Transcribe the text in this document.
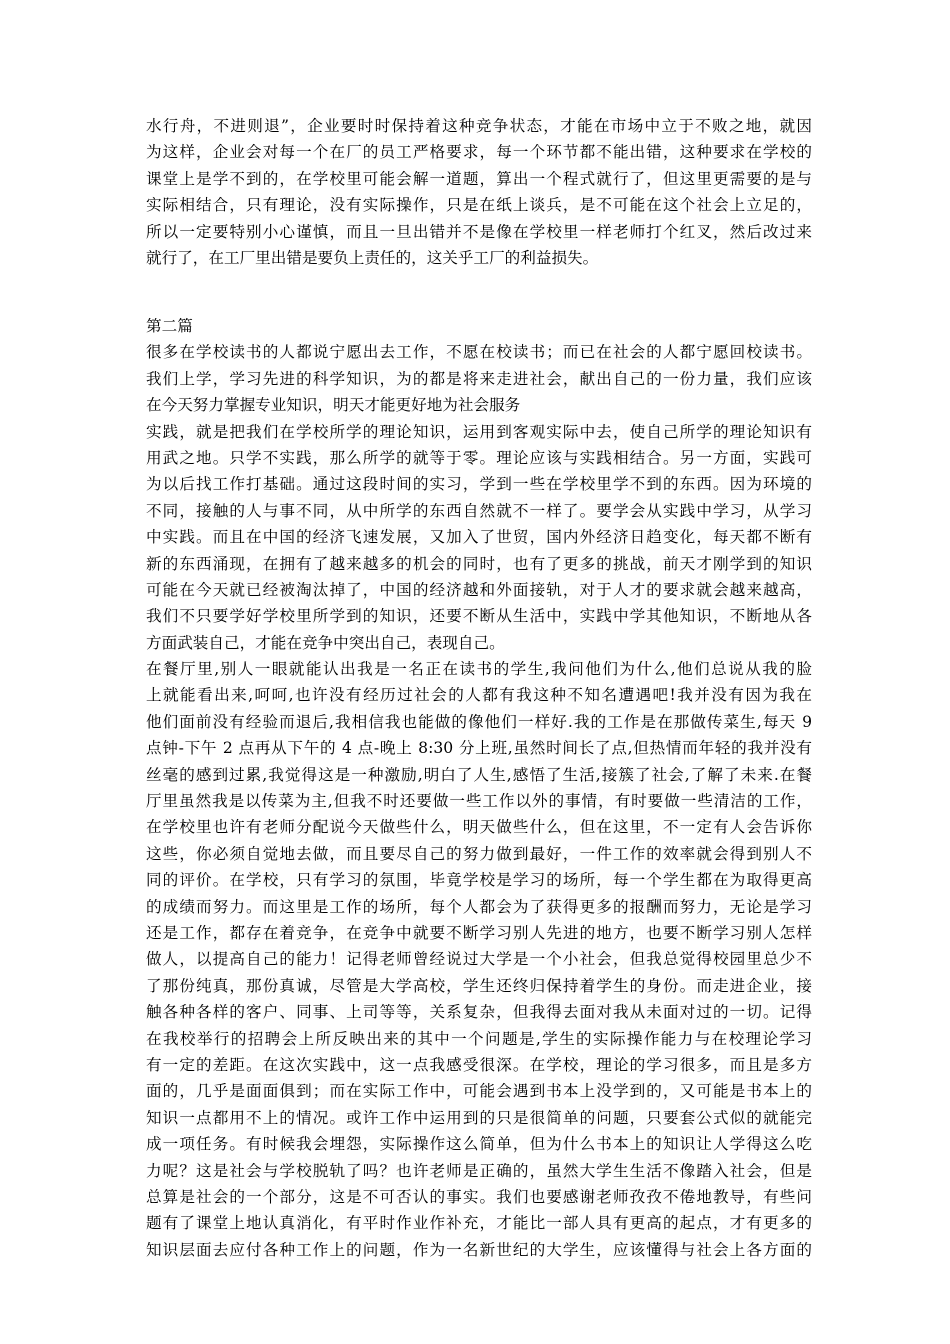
水行舟，不进则退”，企业要时时保持着这种竞争状态，才能在市场中立于不败之地，就因
为这样，企业会对每一个在厂的员工严格要求，每一个环节都不能出错，这种要求在学校的
课堂上是学不到的，在学校里可能会解一道题，算出一个程式就行了，但这里更需要的是与
实际相结合，只有理论，没有实际操作，只是在纸上谈兵，是不可能在这个社会上立足的，
所以一定要特别小心谨慎，而且一旦出错并不是像在学校里一样老师打个红叉，然后改过来
就行了，在工厂里出错是要负上责任的，这关乎工厂的利益损失。
第二篇
很多在学校读书的人都说宁愿出去工作，不愿在校读书；而已在社会的人都宁愿回校读书。
我们上学，学习先进的科学知识，为的都是将来走进社会，献出自己的一份力量，我们应该
在今天努力掌握专业知识，明天才能更好地为社会服务
实践，就是把我们在学校所学的理论知识，运用到客观实际中去，使自己所学的理论知识有
用武之地。只学不实践，那么所学的就等于零。理论应该与实践相结合。另一方面，实践可
为以后找工作打基础。通过这段时间的实习，学到一些在学校里学不到的东西。因为环境的
不同，接触的人与事不同，从中所学的东西自然就不一样了。要学会从实践中学习，从学习
中实践。而且在中国的经济飞速发展，又加入了世贸，国内外经济日趋变化，每天都不断有
新的东西涌现，在拥有了越来越多的机会的同时，也有了更多的挑战，前天才刚学到的知识
可能在今天就已经被淘汰掉了，中国的经济越和外面接轨，对于人才的要求就会越来越高，
我们不只要学好学校里所学到的知识，还要不断从生活中，实践中学其他知识，不断地从各
方面武装自己，才能在竞争中突出自己，表现自己。
在餐厅里,别人一眼就能认出我是一名正在读书的学生,我问他们为什么,他们总说从我的脸
上就能看出来,呵呵,也许没有经历过社会的人都有我这种不知名遭遇吧!我并没有因为我在
他们面前没有经验而退后,我相信我也能做的像他们一样好.我的工作是在那做传菜生,每天 9
点钟-下午 2 点再从下午的 4 点-晚上 8:30 分上班,虽然时间长了点,但热情而年轻的我并没有
丝毫的感到过累,我觉得这是一种激励,明白了人生,感悟了生活,接簇了社会,了解了未来.在餐
厅里虽然我是以传菜为主,但我不时还要做一些工作以外的事情，有时要做一些清洁的工作，
在学校里也许有老师分配说今天做些什么，明天做些什么，但在这里，不一定有人会告诉你
这些，你必须自觉地去做，而且要尽自己的努力做到最好，一件工作的效率就会得到别人不
同的评价。在学校，只有学习的氛围，毕竟学校是学习的场所，每一个学生都在为取得更高
的成绩而努力。而这里是工作的场所，每个人都会为了获得更多的报酬而努力，无论是学习
还是工作，都存在着竞争，在竞争中就要不断学习别人先进的地方，也要不断学习别人怎样
做人，以提高自己的能力！记得老师曾经说过大学是一个小社会，但我总觉得校园里总少不
了那份纯真，那份真诚，尽管是大学高校，学生还终归保持着学生的身份。而走进企业，接
触各种各样的客户、同事、上司等等，关系复杂，但我得去面对我从未面对过的一切。记得
在我校举行的招聘会上所反映出来的其中一个问题是,学生的实际操作能力与在校理论学习
有一定的差距。在这次实践中，这一点我感受很深。在学校，理论的学习很多，而且是多方
面的，几乎是面面俱到；而在实际工作中，可能会遇到书本上没学到的，又可能是书本上的
知识一点都用不上的情况。或许工作中运用到的只是很简单的问题，只要套公式似的就能完
成一项任务。有时候我会埋怨，实际操作这么简单，但为什么书本上的知识让人学得这么吃
力呢？这是社会与学校脱轨了吗？也许老师是正确的，虽然大学生生活不像踏入社会，但是
总算是社会的一个部分，这是不可否认的事实。我们也要感谢老师孜孜不倦地教导，有些问
题有了课堂上地认真消化，有平时作业作补充，才能比一部人具有更高的起点，才有更多的
知识层面去应付各种工作上的问题，作为一名新世纪的大学生，应该懂得与社会上各方面的
